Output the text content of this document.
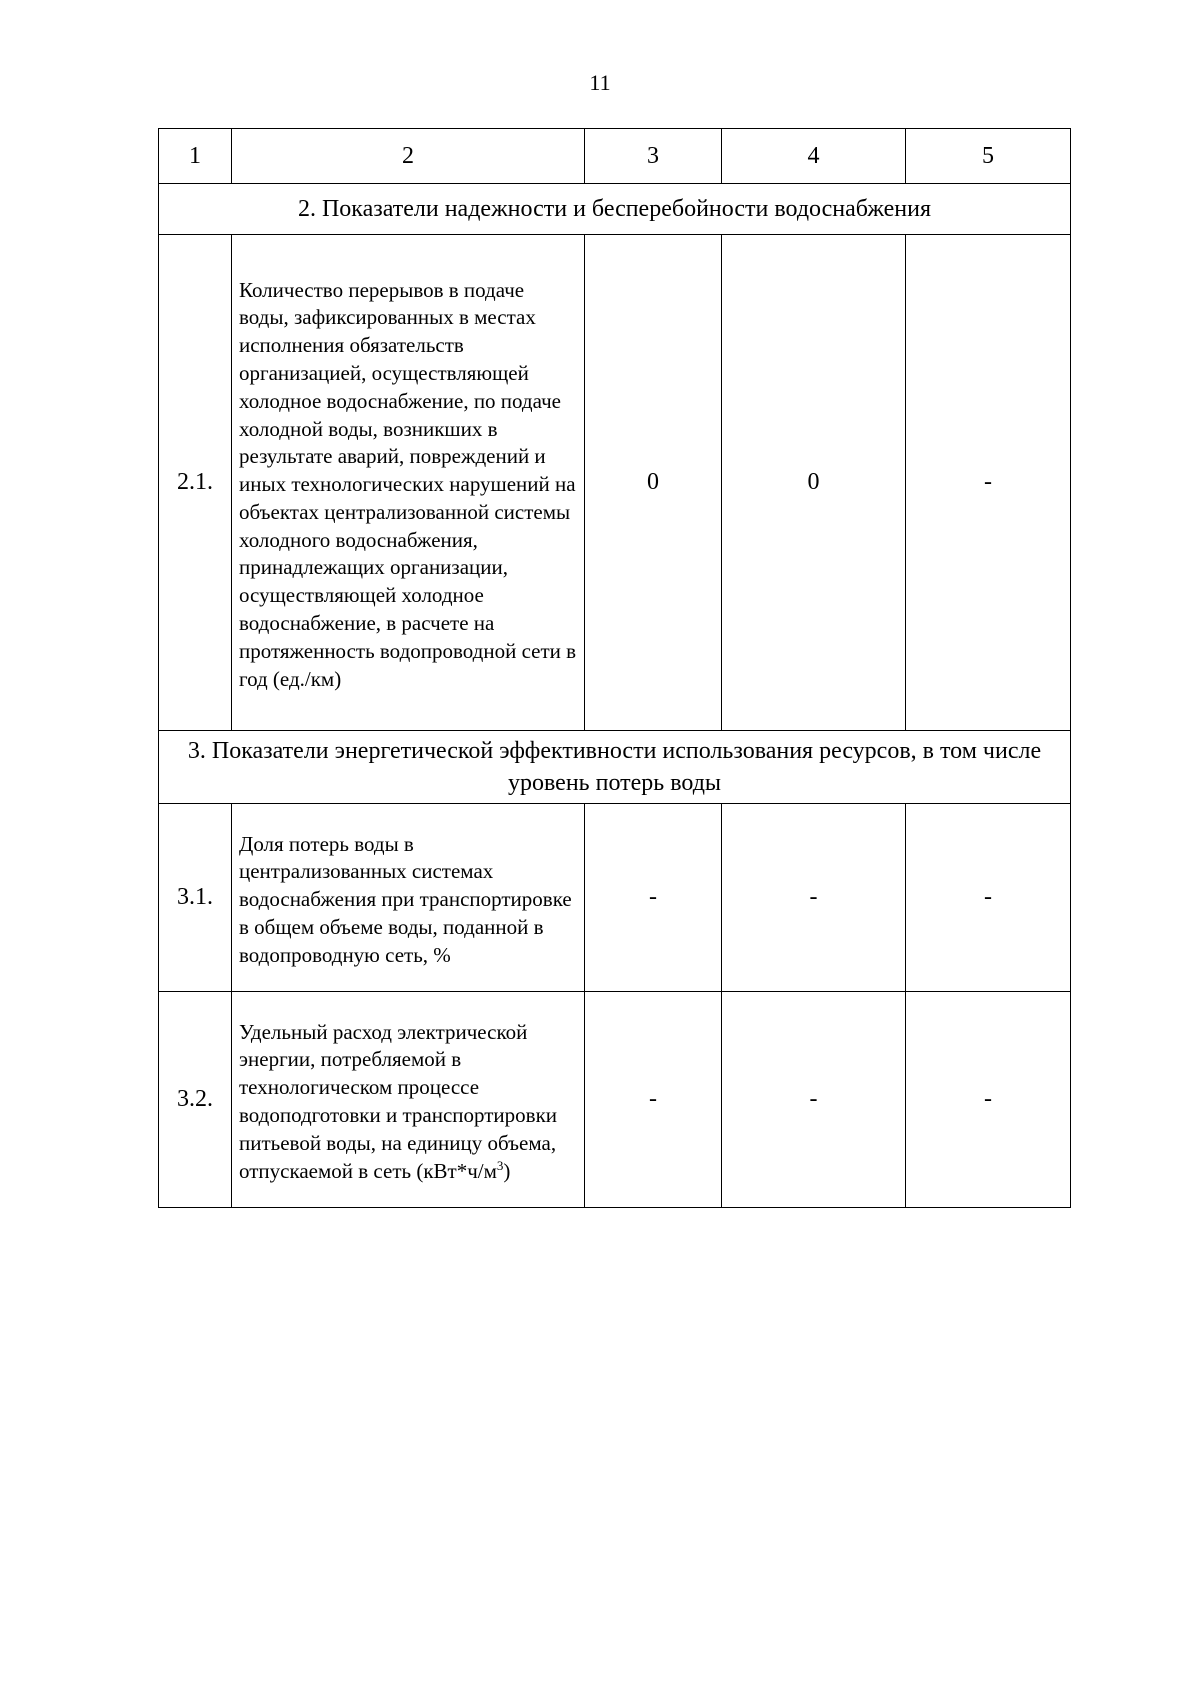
11
1	2	3	4	5
2. Показатели надежности и бесперебойности водоснабжения				
2.1.	Количество перерывов в подаче воды, зафиксированных в местах исполнения обязательств организацией, осуществляющей холодное водоснабжение, по подаче холодной воды, возникших в результате аварий, повреждений и иных технологических нарушений на объектах централизованной системы холодного водоснабжения, принадлежащих организации, осуществляющей холодное водоснабжение, в расчете на протяженность водопроводной сети в год (ед./км)	0	0	-
3. Показатели энергетической эффективности использования ресурсов, в том числе уровень потерь воды				
3.1.	Доля потерь воды в централизованных системах водоснабжения при транспортировке в общем объеме воды, поданной в водопроводную сеть, %	-	-	-
3.2.	Удельный расход электрической энергии, потребляемой в технологическом процессе водоподготовки и транспортировки питьевой воды, на единицу объема, отпускаемой в сеть $(кВт*ч/м^3)$	-	-	-
